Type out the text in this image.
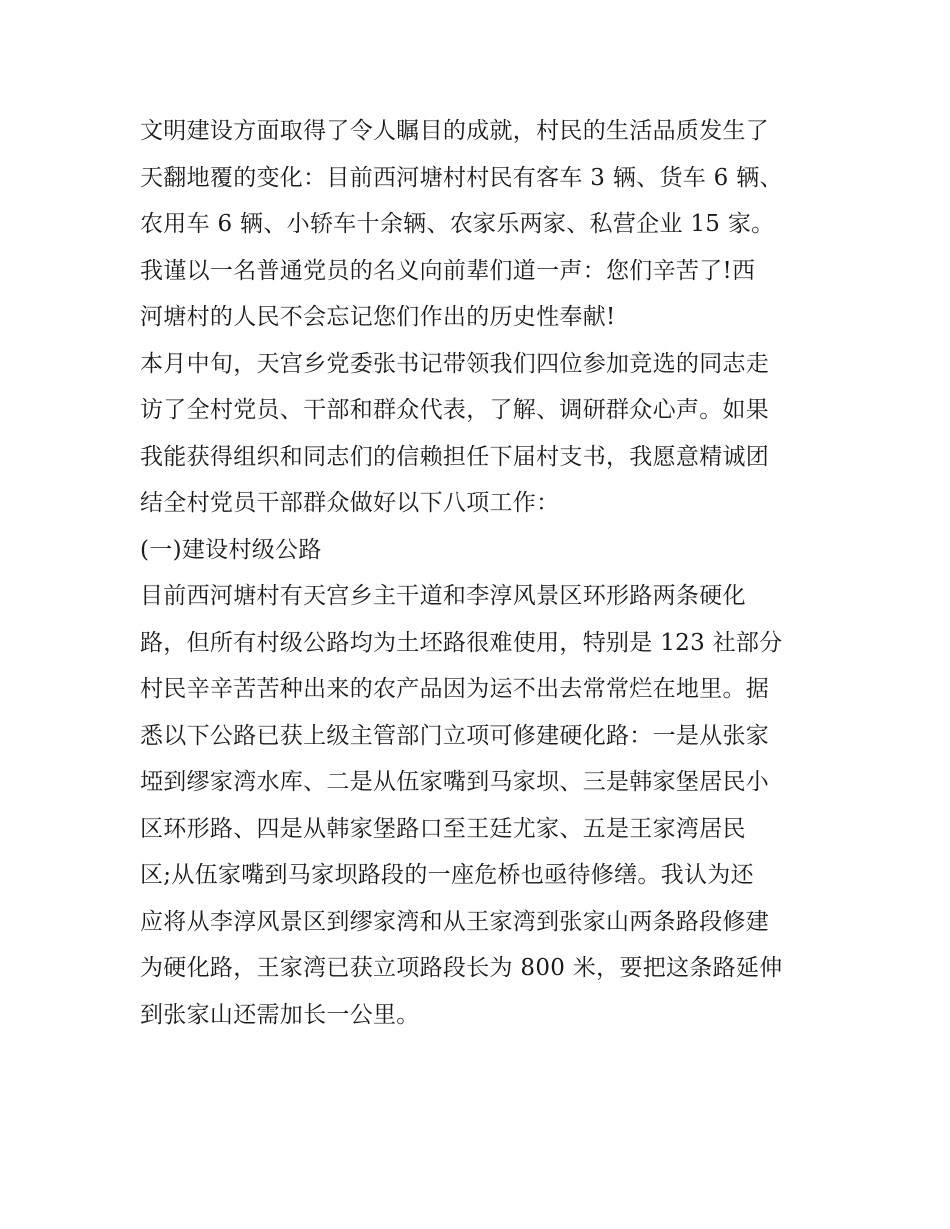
文明建设方面取得了令人瞩目的成就，村民的生活品质发生了
天翻地覆的变化：目前西河塘村村民有客车 3 辆、货车 6 辆、
农用车 6 辆、小轿车十余辆、农家乐两家、私营企业 15 家。

我谨以一名普通党员的名义向前辈们道一声：您们辛苦了!西
河塘村的人民不会忘记您们作出的历史性奉献!

本月中旬，天宫乡党委张书记带领我们四位参加竞选的同志走
访了全村党员、干部和群众代表，了解、调研群众心声。如果
我能获得组织和同志们的信赖担任下届村支书，我愿意精诚团
结全村党员干部群众做好以下八项工作：

(一)建设村级公路

目前西河塘村有天宫乡主干道和李淳风景区环形路两条硬化
路，但所有村级公路均为土坯路很难使用，特别是 123 社部分
村民辛辛苦苦种出来的农产品因为运不出去常常烂在地里。据
悉以下公路已获上级主管部门立项可修建硬化路：一是从张家
埡到缪家湾水库、二是从伍家嘴到马家坝、三是韩家堡居民小
区环形路、四是从韩家堡路口至王廷尤家、五是王家湾居民
区;从伍家嘴到马家坝路段的一座危桥也亟待修缮。我认为还
应将从李淳风景区到缪家湾和从王家湾到张家山两条路段修建
为硬化路，王家湾已获立项路段长为 800 米，要把这条路延伸
到张家山还需加长一公里。
